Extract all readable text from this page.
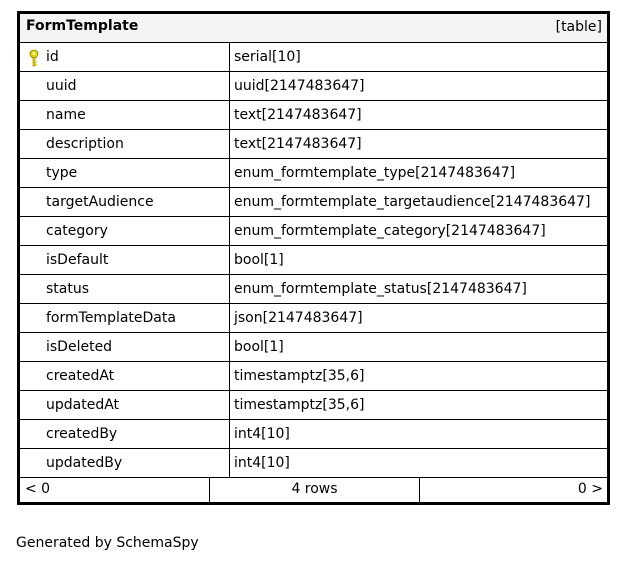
FormTemplate	[table]
id	serial[10]
uuid	uuid[2147483647]
name	text[2147483647]
description	text[2147483647]
type	enum_formtemplate_type[2147483647]
targetAudience	enum_formtemplate_targetaudience[2147483647]
category	enum_formtemplate_category[2147483647]
isDefault	bool[1]
status	enum_formtemplate_status[2147483647]
formTemplateData	json[2147483647]
isDeleted	bool[1]
createdAt	timestamptz[35,6]
updatedAt	timestamptz[35,6]
createdBy	int4[10]
updatedBy	int4[10]
< 0	4 rows	0 >
Generated by SchemaSpy
